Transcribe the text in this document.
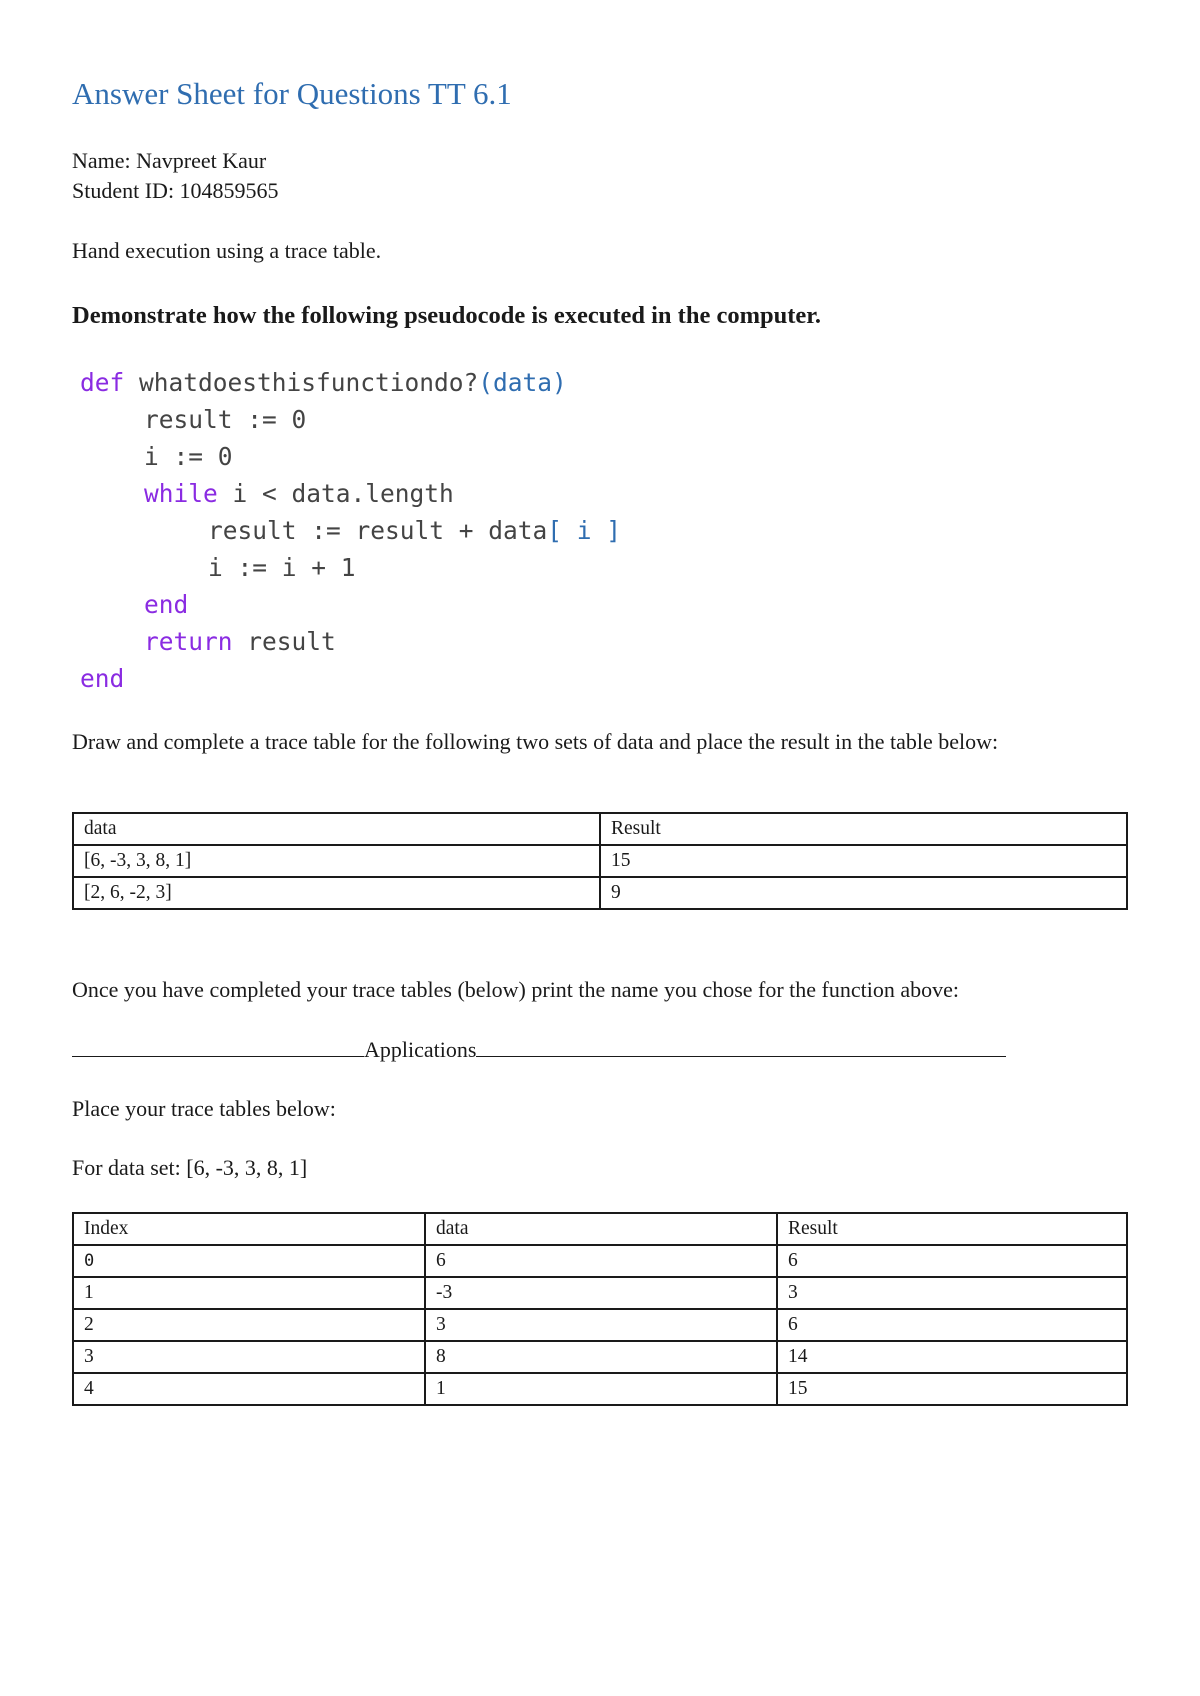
Answer Sheet for Questions TT 6.1
Name: Navpreet Kaur
Student ID: 104859565
Hand execution using a trace table.
Demonstrate how the following pseudocode is executed in the computer.
def whatdoesthisfunctiondo?(data)
result := 0
i := 0
while i < data.length
result := result + data[ i ]
i := i + 1
end
return result
end
Draw and complete a trace table for the following two sets of data and place the result in the table below:
data	Result
[6, -3, 3, 8, 1]	15
[2, 6, -2, 3]	9
Once you have completed your trace tables (below) print the name you chose for the function above:
Applications
Place your trace tables below:
For data set: [6, -3, 3, 8, 1]
Index	data	Result
0	6	6
1	-3	3
2	3	6
3	8	14
4	1	15
